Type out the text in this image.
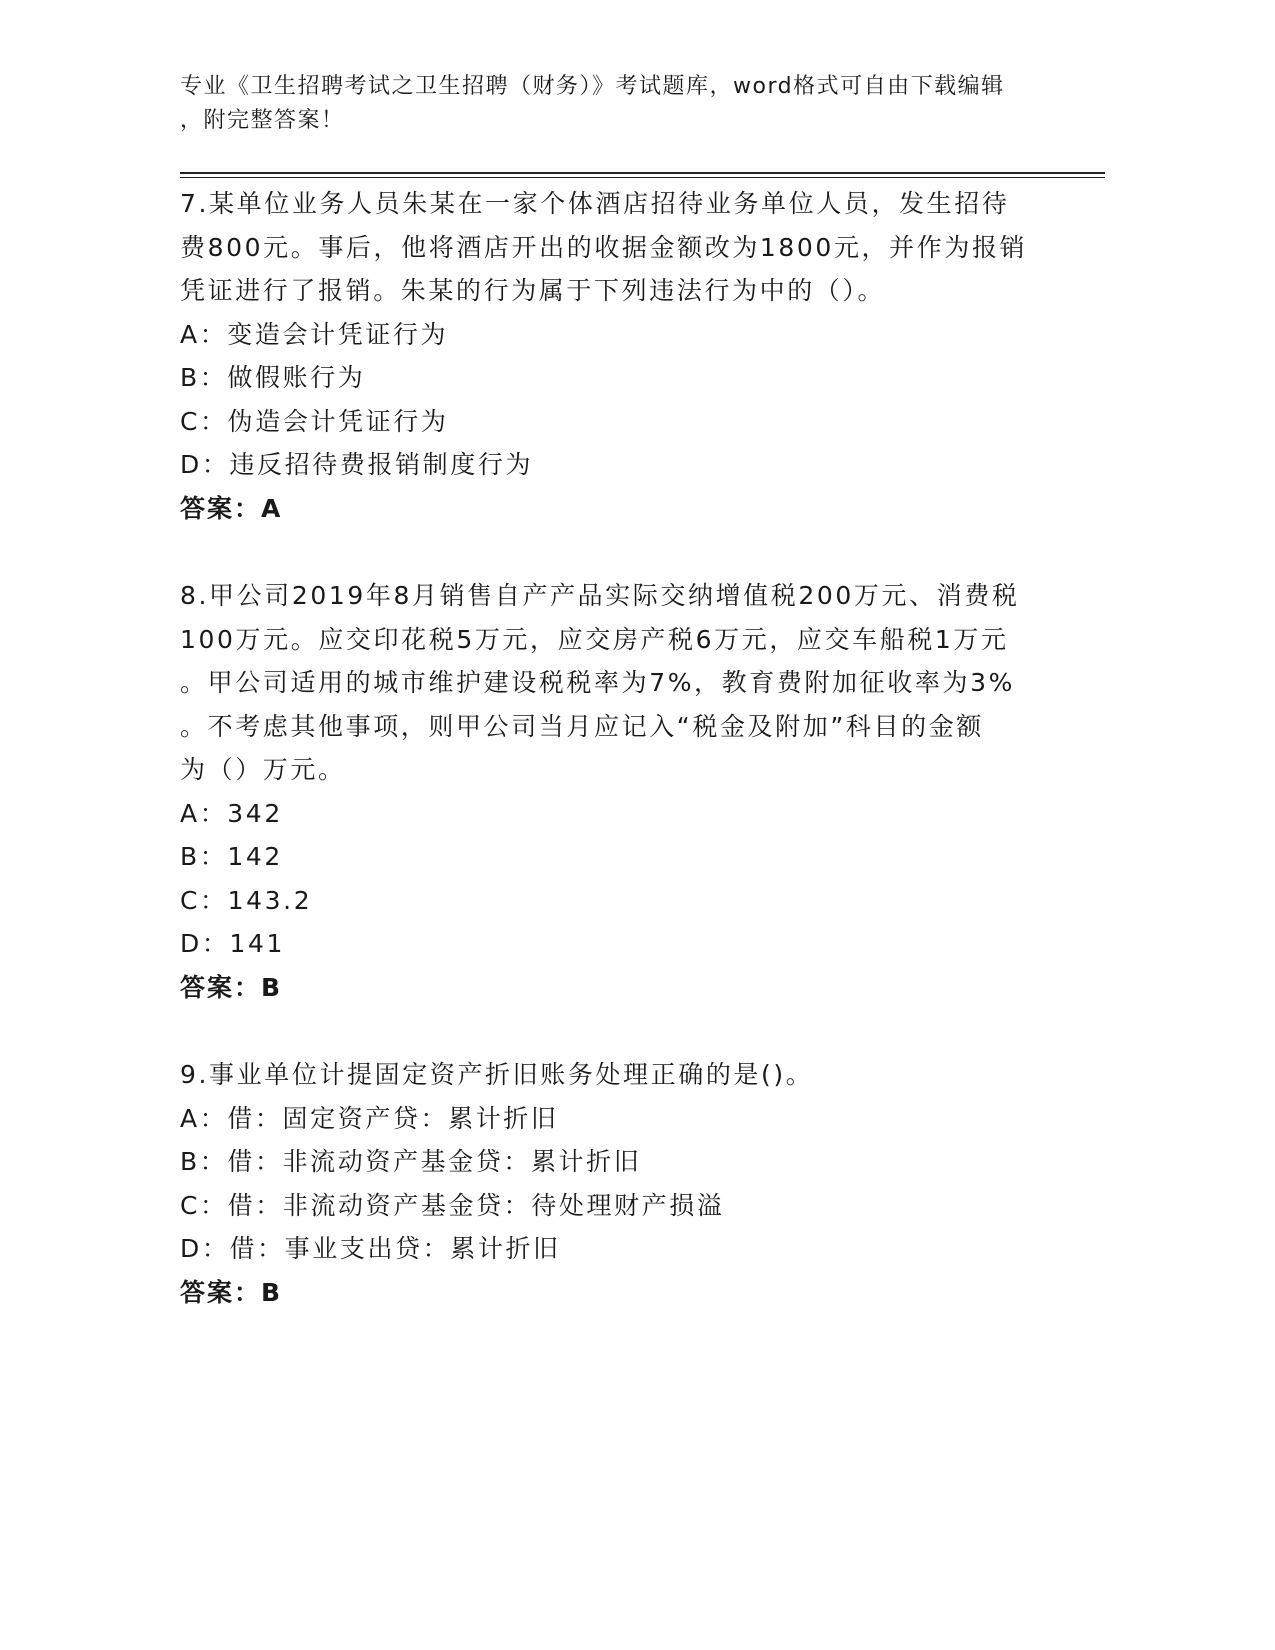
专业《卫生招聘考试之卫生招聘（财务）》考试题库，word格式可自由下载编辑
，附完整答案！

7.某单位业务人员朱某在一家个体酒店招待业务单位人员，发生招待
费800元。事后，他将酒店开出的收据金额改为1800元，并作为报销
凭证进行了报销。朱某的行为属于下列违法行为中的（）。

A：变造会计凭证行为

B：做假账行为

C：伪造会计凭证行为

D：违反招待费报销制度行为

答案：A

8.甲公司2019年8月销售自产产品实际交纳增值税200万元、消费税
100万元。应交印花税5万元，应交房产税6万元，应交车船税1万元
。甲公司适用的城市维护建设税税率为7%，教育费附加征收率为3%
。不考虑其他事项，则甲公司当月应记入“税金及附加”科目的金额
为（）万元。

A：342

B：142

C：143.2

D：141

答案：B

9.事业单位计提固定资产折旧账务处理正确的是()。

A：借：固定资产贷：累计折旧

B：借：非流动资产基金贷：累计折旧

C：借：非流动资产基金贷：待处理财产损溢

D：借：事业支出贷：累计折旧

答案：B
